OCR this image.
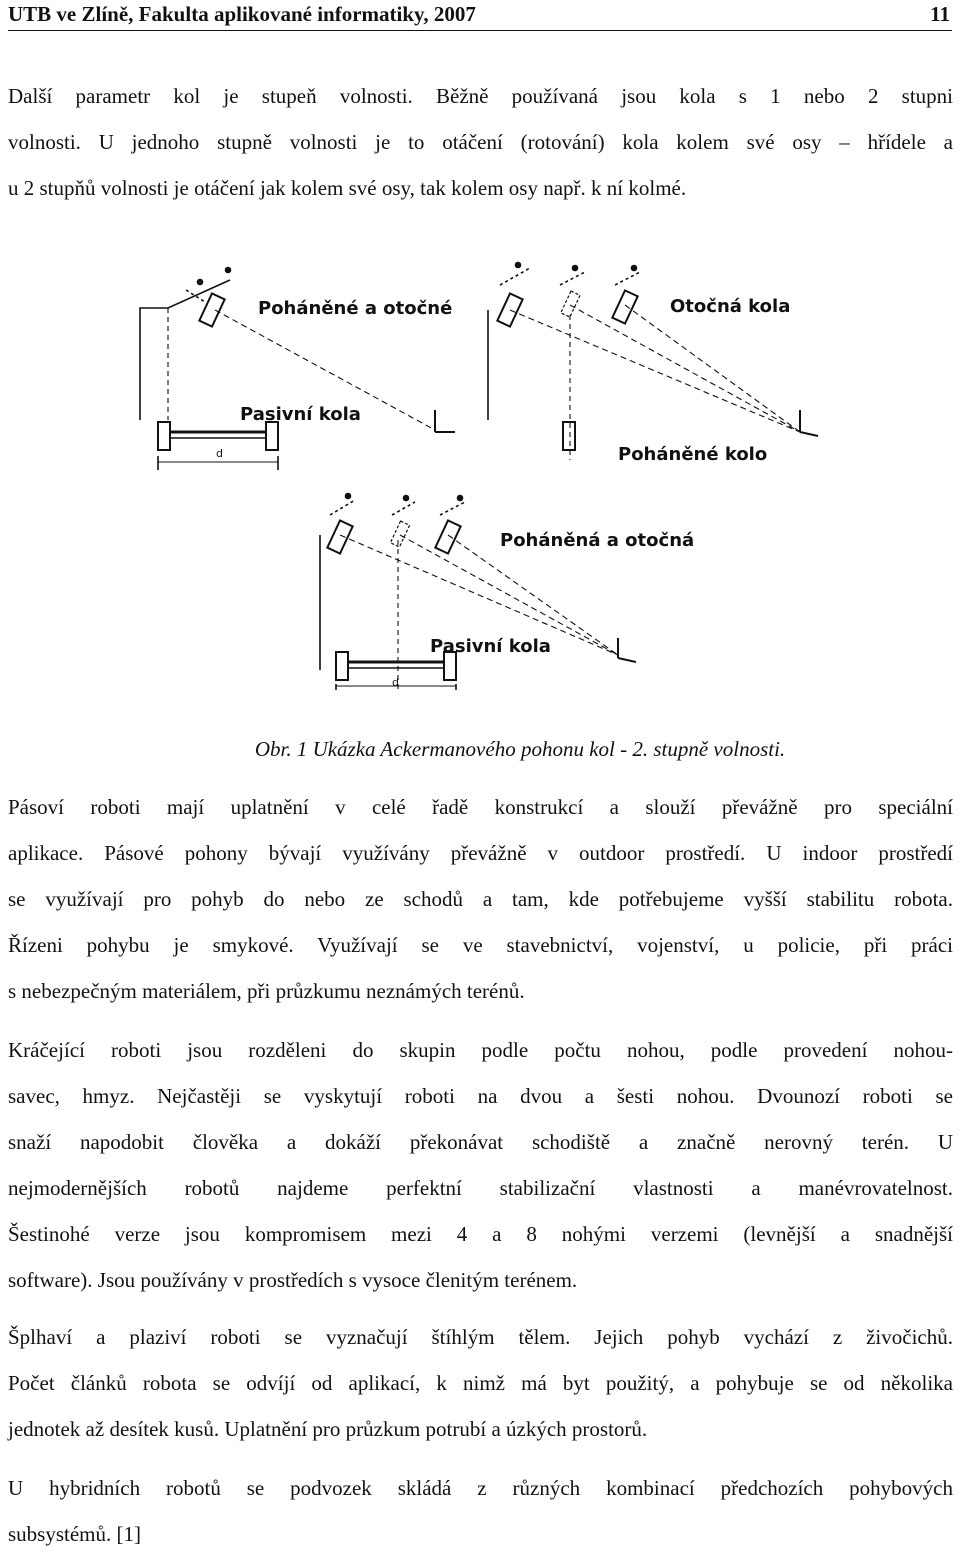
UTB ve Zlíně, Fakulta aplikované informatiky, 2007	11
Další parametr kol je stupeň volnosti. Běžně používaná jsou kola s 1 nebo 2 stupni
volnosti. U jednoho stupně volnosti je to otáčení (rotování) kola kolem své osy – hřídele a
u 2 stupňů volnosti je otáčení jak kolem své osy, tak kolem osy např. k ní kolmé.
d
Poháněné a otočné
Pasivní kola
Otočná kola
Poháněné kolo
d
Poháněná a otočná
Pasivní kola
Obr. 1 Ukázka Ackermanového pohonu kol - 2. stupně volnosti.
Pásoví roboti mají uplatnění v celé řadě konstrukcí a slouží převážně pro speciální
aplikace. Pásové pohony bývají využívány převážně v outdoor prostředí. U indoor prostředí
se využívají pro pohyb do nebo ze schodů a tam, kde potřebujeme vyšší stabilitu robota.
Řízeni pohybu je smykové. Využívají se ve stavebnictví, vojenství, u policie, při práci
s nebezpečným materiálem, při průzkumu neznámých terénů.
Kráčející roboti jsou rozděleni do skupin podle počtu nohou, podle provedení nohou-
savec, hmyz. Nejčastěji se vyskytují roboti na dvou a šesti nohou. Dvounozí roboti se
snaží napodobit člověka a dokáží překonávat schodiště a značně nerovný terén. U
nejmodernějších robotů najdeme perfektní stabilizační vlastnosti a manévrovatelnost.
Šestinohé verze jsou kompromisem mezi 4 a 8 nohými verzemi (levnější a snadnější
software). Jsou používány v prostředích s vysoce členitým terénem.
Šplhaví a plaziví roboti se vyznačují štíhlým tělem. Jejich pohyb vychází z živočichů.
Počet článků robota se odvíjí od aplikací, k nimž má byt použitý, a pohybuje se od několika
jednotek až desítek kusů. Uplatnění pro průzkum potrubí a úzkých prostorů.
U hybridních robotů se podvozek skládá z různých kombinací předchozích pohybových
subsystémů. [1]
